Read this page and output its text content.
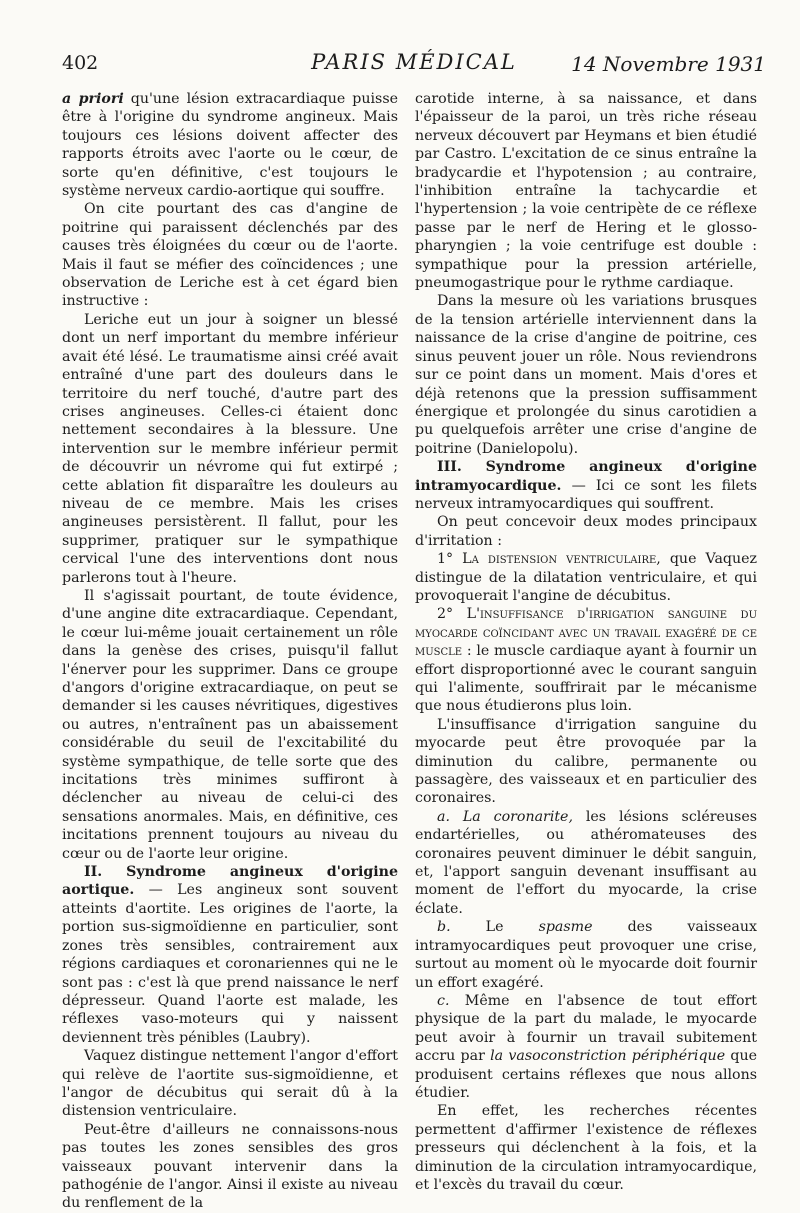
402	PARIS MÉDICAL	14 Novembre 1931

a priori qu'une lésion extracardiaque puisse être à l'origine du syndrome angineux. Mais toujours ces lésions doivent affecter des rapports étroits avec l'aorte ou le cœur, de sorte qu'en définitive, c'est toujours le système nerveux cardio-aortique qui souffre.

On cite pourtant des cas d'angine de poitrine qui paraissent déclenchés par des causes très éloignées du cœur ou de l'aorte. Mais il faut se méfier des coïncidences ; une observation de Leriche est à cet égard bien instructive :

Leriche eut un jour à soigner un blessé dont un nerf important du membre inférieur avait été lésé. Le traumatisme ainsi créé avait entraîné d'une part des douleurs dans le territoire du nerf touché, d'autre part des crises angineuses. Celles-ci étaient donc nettement secondaires à la blessure. Une intervention sur le membre inférieur permit de découvrir un névrome qui fut extirpé ; cette ablation fit disparaître les douleurs au niveau de ce membre. Mais les crises angineuses persistèrent. Il fallut, pour les supprimer, pratiquer sur le sympathique cervical l'une des interventions dont nous parlerons tout à l'heure.

Il s'agissait pourtant, de toute évidence, d'une angine dite extracardiaque. Cependant, le cœur lui-même jouait certainement un rôle dans la genèse des crises, puisqu'il fallut l'énerver pour les supprimer. Dans ce groupe d'angors d'origine extracardiaque, on peut se demander si les causes névritiques, digestives ou autres, n'entraînent pas un abaissement considérable du seuil de l'excitabilité du système sympathique, de telle sorte que des incitations très minimes suffiront à déclencher au niveau de celui-ci des sensations anormales. Mais, en définitive, ces incitations prennent toujours au niveau du cœur ou de l'aorte leur origine.

II. Syndrome angineux d'origine aortique. — Les angineux sont souvent atteints d'aortite. Les origines de l'aorte, la portion sus-sigmoïdienne en particulier, sont zones très sensibles, contrairement aux régions cardiaques et coronariennes qui ne le sont pas : c'est là que prend naissance le nerf dépresseur. Quand l'aorte est malade, les réflexes vaso-moteurs qui y naissent deviennent très pénibles (Laubry).

Vaquez distingue nettement l'angor d'effort qui relève de l'aortite sus-sigmoïdienne, et l'angor de décubitus qui serait dû à la distension ventriculaire.

Peut-être d'ailleurs ne connaissons-nous pas toutes les zones sensibles des gros vaisseaux pouvant intervenir dans la pathogénie de l'angor. Ainsi il existe au niveau du renflement de la

carotide interne, à sa naissance, et dans l'épaisseur de la paroi, un très riche réseau nerveux découvert par Heymans et bien étudié par Castro. L'excitation de ce sinus entraîne la bradycardie et l'hypotension ; au contraire, l'inhibition entraîne la tachycardie et l'hypertension ; la voie centripète de ce réflexe passe par le nerf de Hering et le glosso-pharyngien ; la voie centrifuge est double : sympathique pour la pression artérielle, pneumogastrique pour le rythme cardiaque.

Dans la mesure où les variations brusques de la tension artérielle interviennent dans la naissance de la crise d'angine de poitrine, ces sinus peuvent jouer un rôle. Nous reviendrons sur ce point dans un moment. Mais d'ores et déjà retenons que la pression suffisamment énergique et prolongée du sinus carotidien a pu quelquefois arrêter une crise d'angine de poitrine (Danielopolu).

III. Syndrome angineux d'origine intramyocardique. — Ici ce sont les filets nerveux intramyocardiques qui souffrent.

On peut concevoir deux modes principaux d'irritation :

1° La distension ventriculaire, que Vaquez distingue de la dilatation ventriculaire, et qui provoquerait l'angine de décubitus.

2° L'insuffisance d'irrigation sanguine du myocarde coïncidant avec un travail exagéré de ce muscle : le muscle cardiaque ayant à fournir un effort disproportionné avec le courant sanguin qui l'alimente, souffrirait par le mécanisme que nous étudierons plus loin.

L'insuffisance d'irrigation sanguine du myocarde peut être provoquée par la diminution du calibre, permanente ou passagère, des vaisseaux et en particulier des coronaires.

a. La coronarite, les lésions scléreuses endartérielles, ou athéromateuses des coronaires peuvent diminuer le débit sanguin, et, l'apport sanguin devenant insuffisant au moment de l'effort du myocarde, la crise éclate.

b. Le spasme des vaisseaux intramyocardiques peut provoquer une crise, surtout au moment où le myocarde doit fournir un effort exagéré.

c. Même en l'absence de tout effort physique de la part du malade, le myocarde peut avoir à fournir un travail subitement accru par la vasoconstriction périphérique que produisent certains réflexes que nous allons étudier.

En effet, les recherches récentes permettent d'affirmer l'existence de réflexes presseurs qui déclenchent à la fois, et la diminution de la circulation intramyocardique, et l'excès du travail du cœur.
